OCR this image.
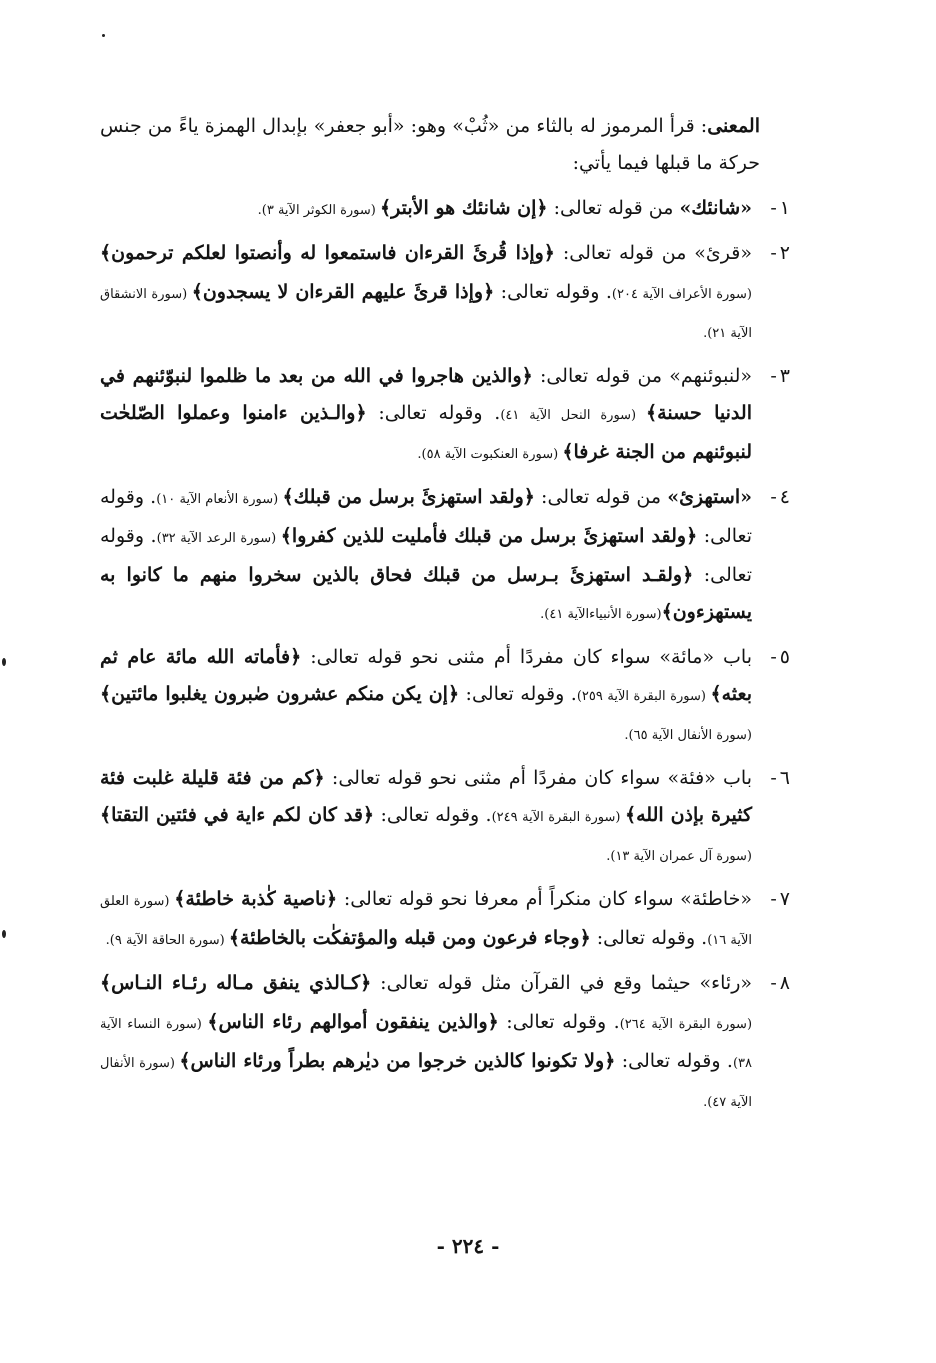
المعنى: قرأ المرموز له بالثاء من «ثُبْ» وهو: «أبو جعفر» بإبدال الهمزة ياءً من جنس حركة ما قبلها فيما يأتي:

١-
«شانئك» من قوله تعالى: ﴿إن شانئك هو الأبتر﴾ (سورة الكوثر الآية ٣).
٢-
«قرئ» من قوله تعالى: ﴿وإذا قُرئَ القرءان فاستمعوا له وأنصتوا لعلكم ترحمون﴾ (سورة الأعراف الآية ٢٠٤). وقوله تعالى: ﴿وإذا قرئَ عليهم القرءان لا يسجدون﴾ (سورة الانشقاق الآية ٢١).
٣-
«لنبوئنهم» من قوله تعالى: ﴿والذين هاجروا في الله من بعد ما ظلموا لنبوّئنهم في الدنيا حسنة﴾ (سورة النحل الآية ٤١). وقوله تعالى: ﴿والـذين ءامنوا وعملوا الصّلحٰت لنبوئنهم من الجنة غرفا﴾ (سورة العنكبوت الآية ٥٨).
٤-
«استهزئ» من قوله تعالى: ﴿ولقد استهزئَ برسل من قبلك﴾ (سورة الأنعام الآية ١٠). وقوله تعالى: ﴿ولقد استهزئَ برسل من قبلك فأمليت للذين كفروا﴾ (سورة الرعد الآية ٣٢). وقوله تعالى: ﴿ولقـد استهزئَ بـرسل من قبلك فحاق بالذين سخروا منهم ما كانوا به يستهزءون﴾(سورة الأنبياءالآية ٤١).
٥-
باب «مائة» سواء كان مفردًا أم مثنى نحو قوله تعالى: ﴿فأماته الله مائة عام ثم بعثه﴾ (سورة البقرة الآية ٢٥٩). وقوله تعالى: ﴿إن يكن منكم عشرون صٰبرون يغلبوا مائتين﴾ (سورة الأنفال الآية ٦٥).
٦-
باب «فئة» سواء كان مفردًا أم مثنى نحو قوله تعالى: ﴿كم من فئة قليلة غلبت فئة كثيرة بإذن الله﴾ (سورة البقرة الآية ٢٤٩). وقوله تعالى: ﴿قد كان لكم ءاية في فئتين التقتا﴾ (سورة آل عمران الآية ١٣).
٧-
«خاطئة» سواء كان منكراً أم معرفا نحو قوله تعالى: ﴿ناصية كٰذبة خاطئة﴾ (سورة العلق الآية ١٦). وقوله تعالى: ﴿وجاء فرعون ومن قبله والمؤتفكٰت بالخاطئة﴾ (سورة الحاقة الآية ٩).
٨-
«رئاء» حيثما وقع في القرآن مثل قوله تعالى: ﴿كـالذي ينفق مـاله رئـاء النـاس﴾ (سورة البقرة الآية ٢٦٤). وقوله تعالى: ﴿والذين ينفقون أموالهم رئاء الناس﴾ (سورة النساء الآية ٣٨). وقوله تعالى: ﴿ولا تكونوا كالذين خرجوا من ديٰرهم بطراً ورئاء الناس﴾ (سورة الأنفال الآية ٤٧).
- ٢٢٤ -
